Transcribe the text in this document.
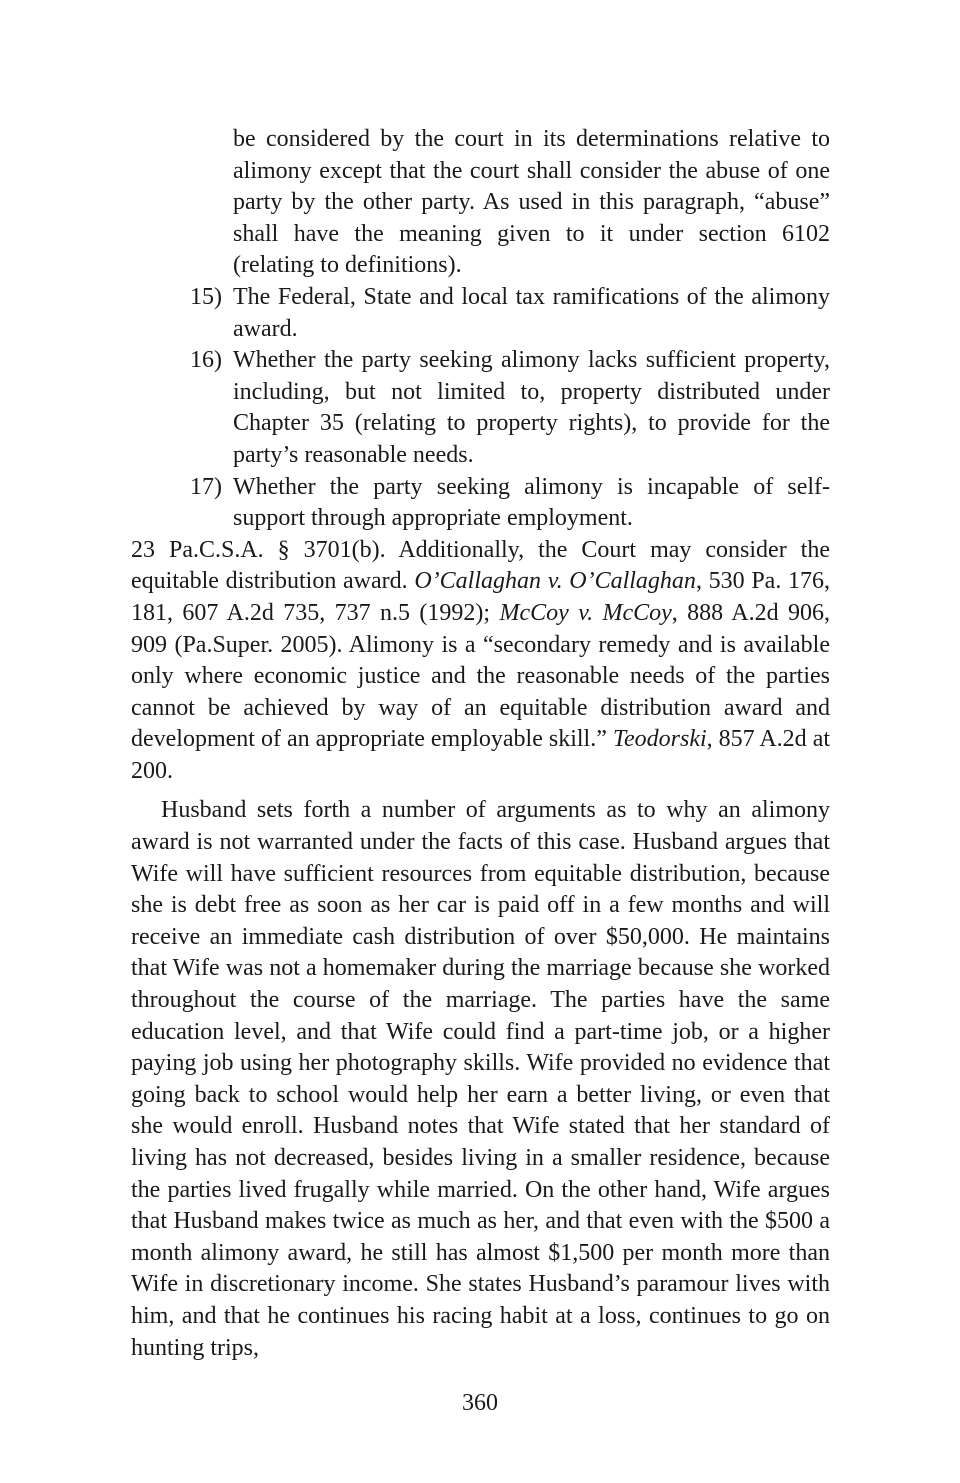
be considered by the court in its determinations relative to alimony except that the court shall consider the abuse of one party by the other party. As used in this paragraph, “abuse” shall have the meaning given to it under section 6102 (relating to definitions).
15) The Federal, State and local tax ramifications of the alimony award.
16) Whether the party seeking alimony lacks sufficient property, including, but not limited to, property distributed under Chapter 35 (relating to property rights), to provide for the party’s reasonable needs.
17) Whether the party seeking alimony is incapable of self-support through appropriate employment.

23 Pa.C.S.A. § 3701(b). Additionally, the Court may consider the equitable distribution award. O’Callaghan v. O’Callaghan, 530 Pa. 176, 181, 607 A.2d 735, 737 n.5 (1992); McCoy v. McCoy, 888 A.2d 906, 909 (Pa.Super. 2005). Alimony is a “secondary remedy and is available only where economic justice and the reasonable needs of the parties cannot be achieved by way of an equitable distribution award and development of an appropriate employable skill.” Teodorski, 857 A.2d at 200.

Husband sets forth a number of arguments as to why an alimony award is not warranted under the facts of this case. Husband argues that Wife will have sufficient resources from equitable distribution, because she is debt free as soon as her car is paid off in a few months and will receive an immediate cash distribution of over $50,000. He maintains that Wife was not a homemaker during the marriage because she worked throughout the course of the marriage. The parties have the same education level, and that Wife could find a part-time job, or a higher paying job using her photography skills. Wife provided no evidence that going back to school would help her earn a better living, or even that she would enroll. Husband notes that Wife stated that her standard of living has not decreased, besides living in a smaller residence, because the parties lived frugally while married. On the other hand, Wife argues that Husband makes twice as much as her, and that even with the $500 a month alimony award, he still has almost $1,500 per month more than Wife in discretionary income. She states Husband’s paramour lives with him, and that he continues his racing habit at a loss, continues to go on hunting trips,

360
